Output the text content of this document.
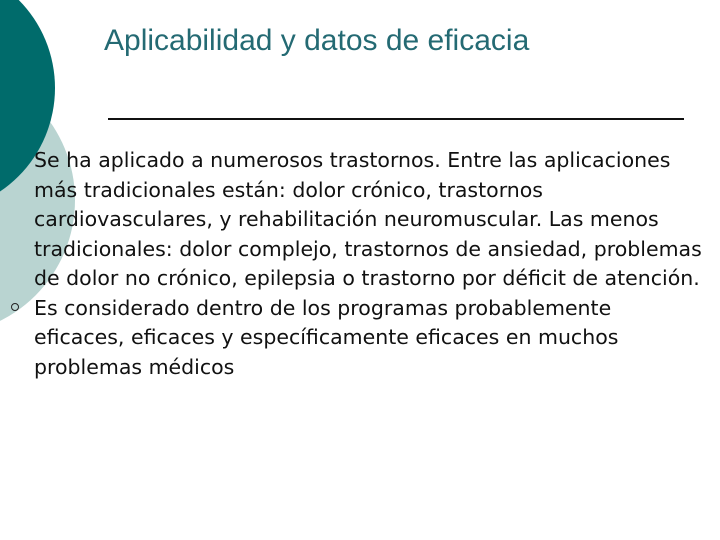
Aplicabilidad y datos de eficacia
Se ha aplicado a numerosos trastornos. Entre las aplicaciones más tradicionales están: dolor crónico, trastornos cardiovasculares, y rehabilitación neuromuscular. Las menos tradicionales: dolor complejo, trastornos de ansiedad, problemas de dolor no crónico, epilepsia o trastorno por déficit de atención.
Es considerado dentro de los programas probablemente eficaces, eficaces y específicamente eficaces en muchos problemas médicos
